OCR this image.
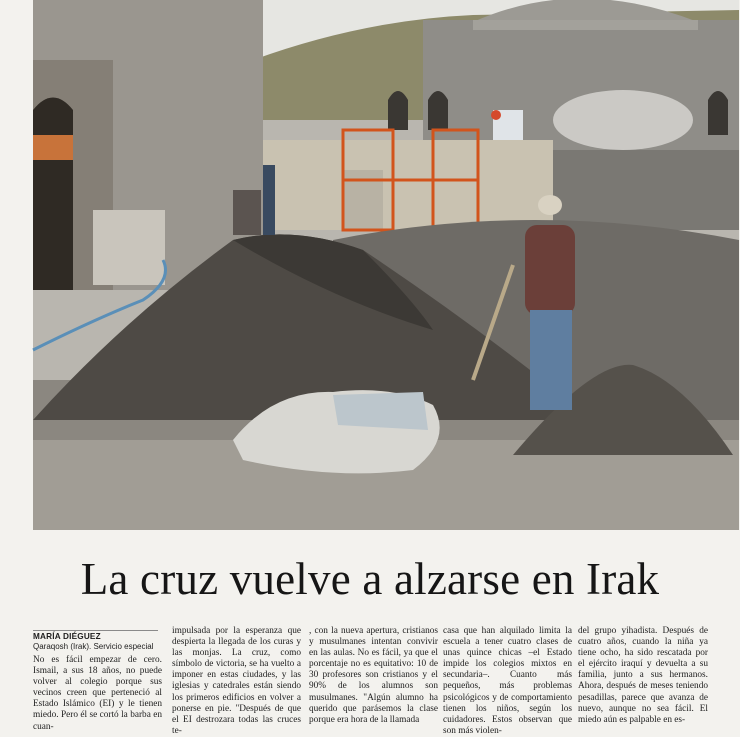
La cruz vuelve a alzarse en Irak
MARÍA DIÉGUEZ
Qaraqosh (Irak). Servicio especial

No es fácil empezar de cero. Ismail, a sus 18 años, no puede volver al colegio porque sus vecinos creen que perteneció al Estado Islámico (EI) y le tienen miedo. Pero él se cortó la barba en cuan-

impulsada por la esperanza que despierta la llegada de los curas y las monjas. La cruz, como símbolo de victoria, se ha vuelto a imponer en estas ciudades, y las iglesias y catedrales están siendo los primeros edificios en volver a ponerse en pie. "Después de que el EI destrozara todas las cruces te-

, con la nueva apertura, cristianos y musulmanes intentan convivir en las aulas. No es fácil, ya que el porcentaje no es equitativo: 10 de 30 profesores son cristianos y el 90% de los alumnos son musulmanes. "Algún alumno ha querido que parásemos la clase porque era hora de la llamada

casa que han alquilado limita la escuela a tener cuatro clases de unas quince chicas –el Estado impide los colegios mixtos en secundaria–. Cuanto más pequeños, más problemas psicológicos y de comportamiento tienen los niños, según los cuidadores. Estos observan que son más violen-

del grupo yihadista. Después de cuatro años, cuando la niña ya tiene ocho, ha sido rescatada por el ejército iraquí y devuelta a su familia, junto a sus hermanos. Ahora, después de meses teniendo pesadillas, parece que avanza de nuevo, aunque no sea fácil. El miedo aún es palpable en es-
